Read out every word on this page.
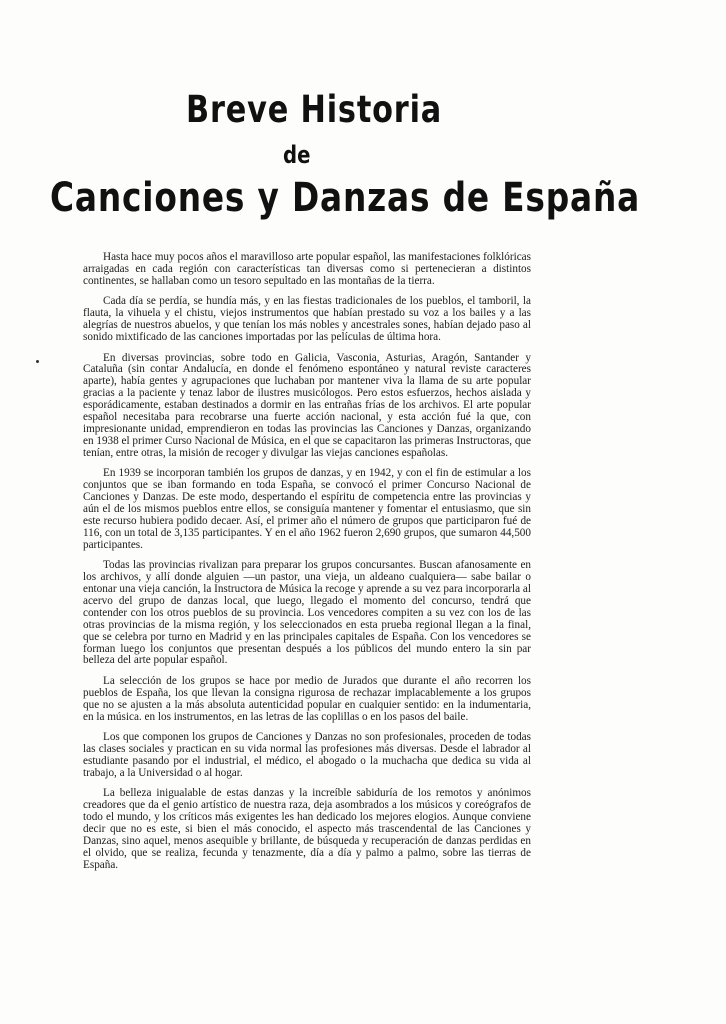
Breve Historia
de
Canciones y Danzas de España

Hasta hace muy pocos años el maravilloso arte popular español, las manifestaciones folklóricas arraigadas en cada región con características tan diversas como si pertenecieran a distintos continentes, se hallaban como un tesoro sepultado en las montañas de la tierra.

Cada día se perdía, se hundía más, y en las fiestas tradicionales de los pueblos, el tamboril, la flauta, la vihuela y el chistu, viejos instrumentos que habían prestado su voz a los bailes y a las alegrías de nuestros abuelos, y que tenían los más nobles y ancestrales sones, habían dejado paso al sonido mixtificado de las canciones importadas por las películas de última hora.

En diversas provincias, sobre todo en Galicia, Vasconia, Asturias, Aragón, Santander y Cataluña (sin contar Andalucía, en donde el fenómeno espontáneo y natural reviste caracteres aparte), había gentes y agrupaciones que luchaban por mantener viva la llama de su arte popular gracias a la paciente y tenaz labor de ilustres musicólogos. Pero estos esfuerzos, hechos aislada y esporádicamente, estaban destinados a dormir en las entrañas frías de los archivos. El arte popular español necesitaba para recobrarse una fuerte acción nacional, y esta acción fué la que, con impresionante unidad, emprendieron en todas las provincias las Canciones y Danzas, organizando en 1938 el primer Curso Nacional de Música, en el que se capacitaron las primeras Instructoras, que tenían, entre otras, la misión de recoger y divulgar las viejas canciones españolas.

En 1939 se incorporan también los grupos de danzas, y en 1942, y con el fin de estimular a los conjuntos que se iban formando en toda España, se convocó el primer Concurso Nacional de Canciones y Danzas. De este modo, despertando el espíritu de competencia entre las provincias y aún el de los mismos pueblos entre ellos, se consiguía mantener y fomentar el entusiasmo, que sin este recurso hubiera podido decaer. Así, el primer año el número de grupos que participaron fué de 116, con un total de 3,135 participantes. Y en el año 1962 fueron 2,690 grupos, que sumaron 44,500 participantes.

Todas las provincias rivalizan para preparar los grupos concursantes. Buscan afanosamente en los archivos, y allí donde alguien —un pastor, una vieja, un aldeano cualquiera— sabe bailar o entonar una vieja canción, la Instructora de Música la recoge y aprende a su vez para incorporarla al acervo del grupo de danzas local, que luego, llegado el momento del concurso, tendrá que contender con los otros pueblos de su provincia. Los vencedores compiten a su vez con los de las otras provincias de la misma región, y los seleccionados en esta prueba regional llegan a la final, que se celebra por turno en Madrid y en las principales capitales de España. Con los vencedores se forman luego los conjuntos que presentan después a los públicos del mundo entero la sin par belleza del arte popular español.

La selección de los grupos se hace por medio de Jurados que durante el año recorren los pueblos de España, los que llevan la consigna rigurosa de rechazar implacablemente a los grupos que no se ajusten a la más absoluta autenticidad popular en cualquier sentido: en la indumentaria, en la música. en los instrumentos, en las letras de las coplillas o en los pasos del baile.

Los que componen los grupos de Canciones y Danzas no son profesionales, proceden de todas las clases sociales y practican en su vida normal las profesiones más diversas. Desde el labrador al estudiante pasando por el industrial, el médico, el abogado o la muchacha que dedica su vida al trabajo, a la Universidad o al hogar.

La belleza inigualable de estas danzas y la increíble sabiduría de los remotos y anónimos creadores que da el genio artístico de nuestra raza, deja asombrados a los músicos y coreógrafos de todo el mundo, y los críticos más exigentes les han dedicado los mejores elogios. Aunque conviene decir que no es este, si bien el más conocido, el aspecto más trascendental de las Canciones y Danzas, sino aquel, menos asequible y brillante, de búsqueda y recuperación de danzas perdidas en el olvido, que se realiza, fecunda y tenazmente, día a día y palmo a palmo, sobre las tierras de España.
